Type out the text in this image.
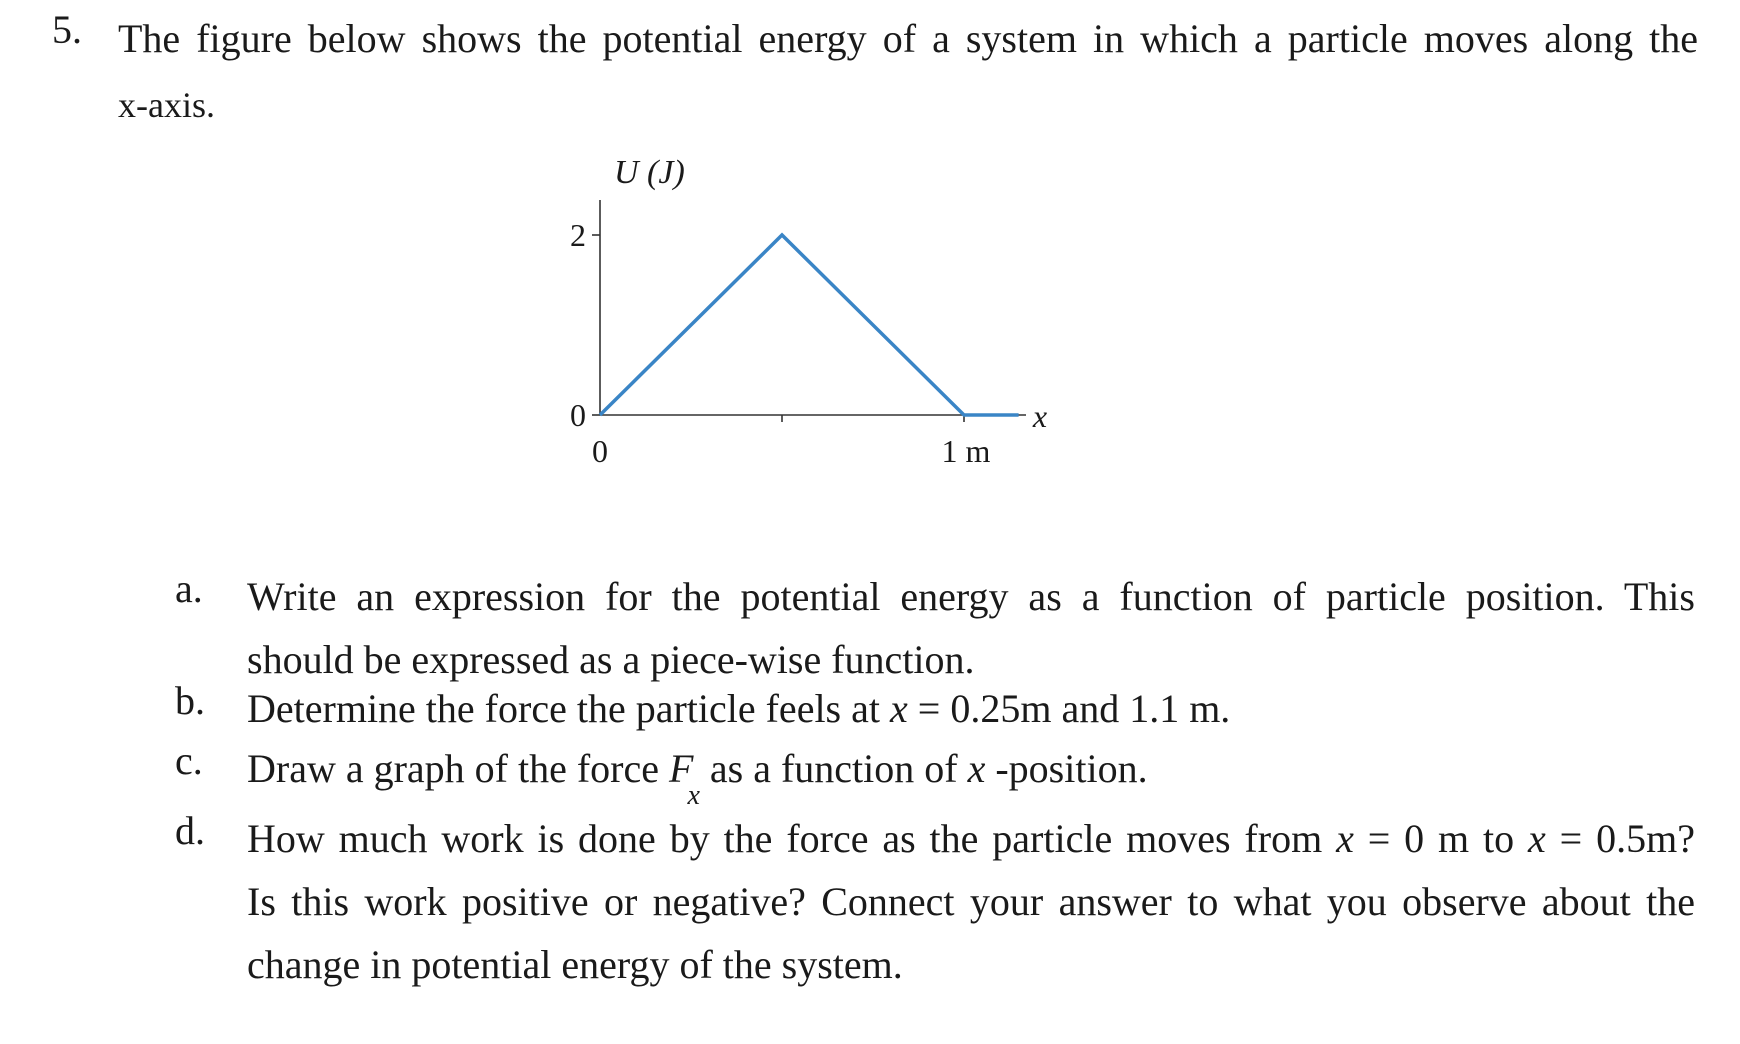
5. The figure below shows the potential energy of a system in which a particle moves along the
x-axis.
U (J)
2
0
0	1 m
x
a. Write an expression for the potential energy as a function of particle position. This
should be expressed as a piece-wise function.
b. Determine the force the particle feels at x = 0.25m and 1.1 m.
c. Draw a graph of the force $F_x$ as a function of x -position.
d. How much work is done by the force as the particle moves from x = 0 m to x = 0.5m?
Is this work positive or negative? Connect your answer to what you observe about the
change in potential energy of the system.
